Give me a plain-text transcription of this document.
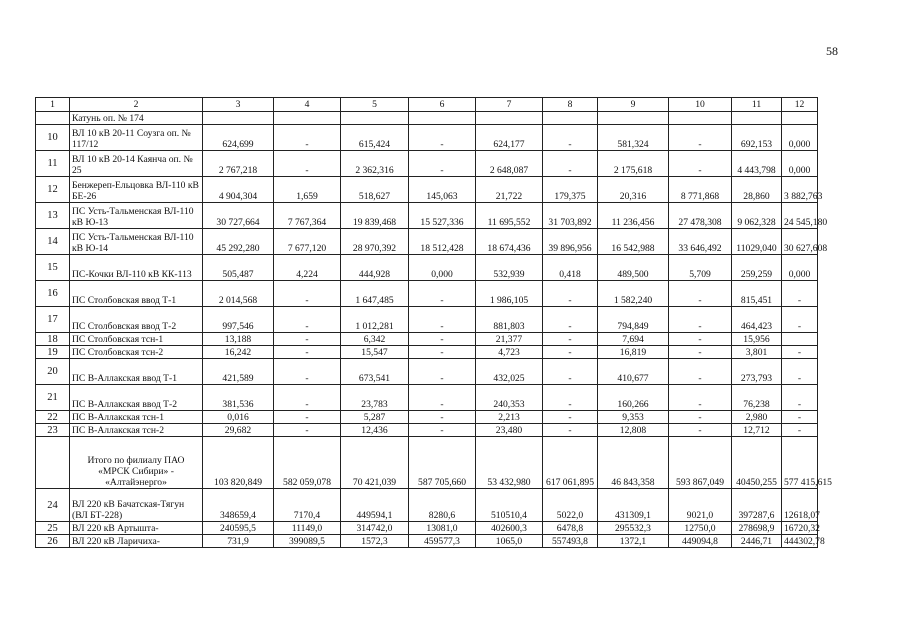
58
1	2	3	4	5	6	7	8	9	10	11	12
	Катунь оп. № 174										
10	ВЛ 10 кВ 20-11 Соузга оп. № 117/12	624,699	-	615,424	-	624,177	-	581,324	-	692,153	0,000
11	ВЛ 10 кВ 20-14 Каянча оп. № 25	2 767,218	-	2 362,316	-	2 648,087	-	2 175,618	-	4 443,798	0,000
12	Бенжереп-Ельцовка ВЛ-110 кВ БЕ-26	4 904,304	1,659	518,627	145,063	21,722	179,375	20,316	8 771,868	28,860	3 882,763
13	ПС Усть-Тальменская ВЛ-110 кВ Ю-13	30 727,664	7 767,364	19 839,468	15 527,336	11 695,552	31 703,892	11 236,456	27 478,308	9 062,328	24 545,180
14	ПС Усть-Тальменская ВЛ-110 кВ Ю-14	45 292,280	7 677,120	28 970,392	18 512,428	18 674,436	39 896,956	16 542,988	33 646,492	11029,040	30 627,608
15	ПС-Кочки ВЛ-110 кВ КК-113	505,487	4,224	444,928	0,000	532,939	0,418	489,500	5,709	259,259	0,000
16	ПС Столбовская ввод Т-1	2 014,568	-	1 647,485	-	1 986,105	-	1 582,240	-	815,451	-
17	ПС Столбовская ввод Т-2	997,546	-	1 012,281	-	881,803	-	794,849	-	464,423	-
18	ПС Столбовская тсн-1	13,188	-	6,342	-	21,377	-	7,694	-	15,956	
19	ПС Столбовская тсн-2	16,242	-	15,547	-	4,723	-	16,819	-	3,801	-
20	ПС В-Аллакская ввод Т-1	421,589	-	673,541	-	432,025	-	410,677	-	273,793	-
21	ПС В-Аллакская ввод Т-2	381,536	-	23,783	-	240,353	-	160,266	-	76,238	-
22	ПС В-Аллакская тсн-1	0,016	-	5,287	-	2,213	-	9,353	-	2,980	-
23	ПС В-Аллакская тсн-2	29,682	-	12,436	-	23,480	-	12,808	-	12,712	-
	Итого по филиалу ПАО «МРСК Сибири» - «Алтайэнерго»	103 820,849	582 059,078	70 421,039	587 705,660	53 432,980	617 061,895	46 843,358	593 867,049	40450,255	577 415,615
24	ВЛ 220 кВ Бачатская-Тягун (ВЛ БТ-228)	348659,4	7170,4	449594,1	8280,6	510510,4	5022,0	431309,1	9021,0	397287,6	12618,07
25	ВЛ 220 кВ Артышта-	240595,5	11149,0	314742,0	13081,0	402600,3	6478,8	295532,3	12750,0	278698,9	16720,32
26	ВЛ 220 кВ Ларичиха-	731,9	399089,5	1572,3	459577,3	1065,0	557493,8	1372,1	449094,8	2446,71	444302,78
